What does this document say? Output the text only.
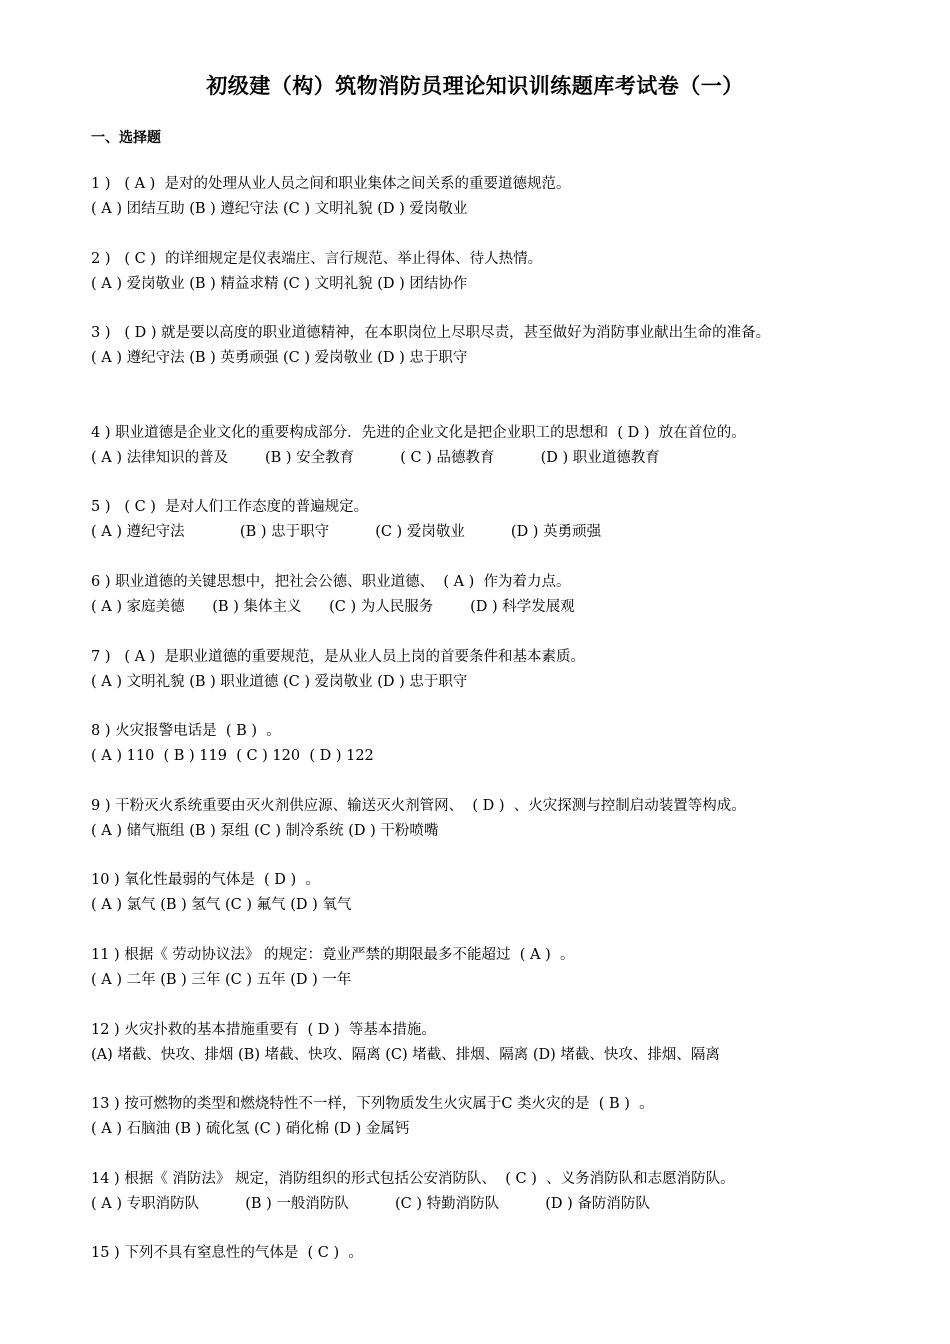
初级建（构）筑物消防员理论知识训练题库考试卷（一）
一、选择题
1 )   ( A )  是对的处理从业人员之间和职业集体之间关系的重要道德规范。
( A ) 团结互助 (B ) 遵纪守法 (C ) 文明礼貌 (D ) 爱岗敬业
2 )   ( C )  的详细规定是仪表端庄、言行规范、举止得体、待人热情。
( A ) 爱岗敬业 (B ) 精益求精 (C ) 文明礼貌 (D ) 团结协作
3 )   ( D ) 就是要以高度的职业道德精神，在本职岗位上尽职尽责，甚至做好为消防事业献出生命的准备。
( A ) 遵纪守法 (B ) 英勇顽强 (C ) 爱岗敬业 (D ) 忠于职守
4 ) 职业道德是企业文化的重要构成部分．先进的企业文化是把企业职工的思想和  ( D )  放在首位的。
( A ) 法律知识的普及        (B ) 安全教育          ( C ) 品德教育          (D ) 职业道德教育
5 )   ( C )  是对人们工作态度的普遍规定。
( A ) 遵纪守法            (B ) 忠于职守          (C ) 爱岗敬业          (D ) 英勇顽强
6 ) 职业道德的关键思想中，把社会公德、职业道德、  ( A )  作为着力点。
( A ) 家庭美德      (B ) 集体主义      (C ) 为人民服务        (D ) 科学发展观
7 )   ( A )  是职业道德的重要规范，是从业人员上岗的首要条件和基本素质。
( A ) 文明礼貌 (B ) 职业道德 (C ) 爱岗敬业 (D ) 忠于职守
8 ) 火灾报警电话是  ( B )  。
( A ) 110  ( B ) 119  ( C ) 120  ( D ) 122
9 ) 干粉灭火系统重要由灭火剂供应源、输送灭火剂管网、  ( D )  、火灾探测与控制启动装置等构成。
( A ) 储气瓶组 (B ) 泵组 (C ) 制冷系统 (D ) 干粉喷嘴
10 ) 氧化性最弱的气体是  ( D )  。
( A ) 氯气 (B ) 氢气 (C ) 氟气 (D ) 氧气
11 ) 根据《 劳动协议法》 的规定：竟业严禁的期限最多不能超过  ( A )  。
( A ) 二年 (B ) 三年 (C ) 五年 (D ) 一年
12 ) 火灾扑救的基本措施重要有  ( D )  等基本措施。
(A) 堵截、快攻、排烟 (B) 堵截、快攻、隔离 (C) 堵截、排烟、隔离 (D) 堵截、快攻、排烟、隔离
13 ) 按可燃物的类型和燃烧特性不一样，下列物质发生火灾属于C 类火灾的是  ( B )  。
( A ) 石脑油 (B ) 硫化氢 (C ) 硝化棉 (D ) 金属钙
14 ) 根据《 消防法》 规定，消防组织的形式包括公安消防队、  ( C )  、义务消防队和志愿消防队。
( A ) 专职消防队          (B ) 一般消防队          (C ) 特勤消防队          (D ) 备防消防队
15 ) 下列不具有窒息性的气体是  ( C )  。
